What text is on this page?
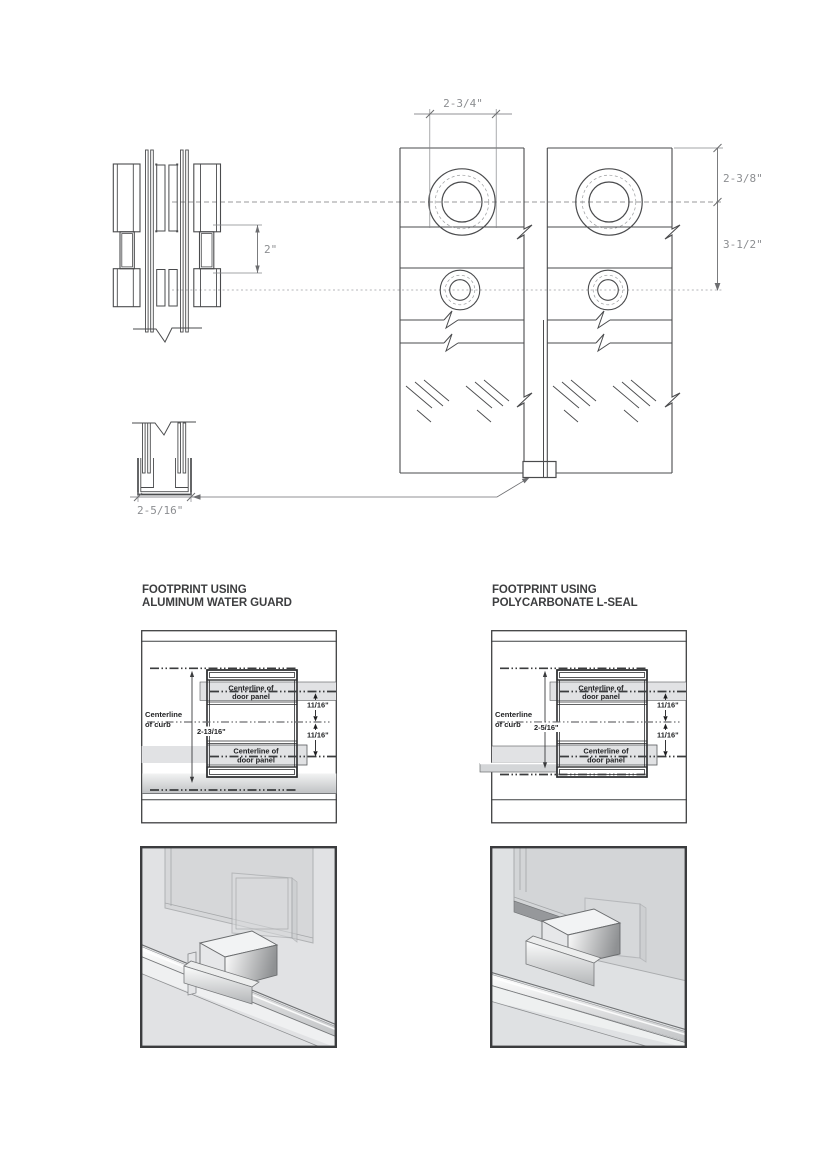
2"
2-5/16"
2-3/4"
2-3/8"
3-1/2"
FOOTPRINT USING
ALUMINUM WATER GUARD
FOOTPRINT USING
POLYCARBONATE L-SEAL
2-13/16"
Centerline
of curb
Centerline of
door panel
Centerline of
door panel
11/16"
11/16"
2-5/16"
Centerline
of curb
Centerline of
door panel
Centerline of
door panel
11/16"
11/16"
